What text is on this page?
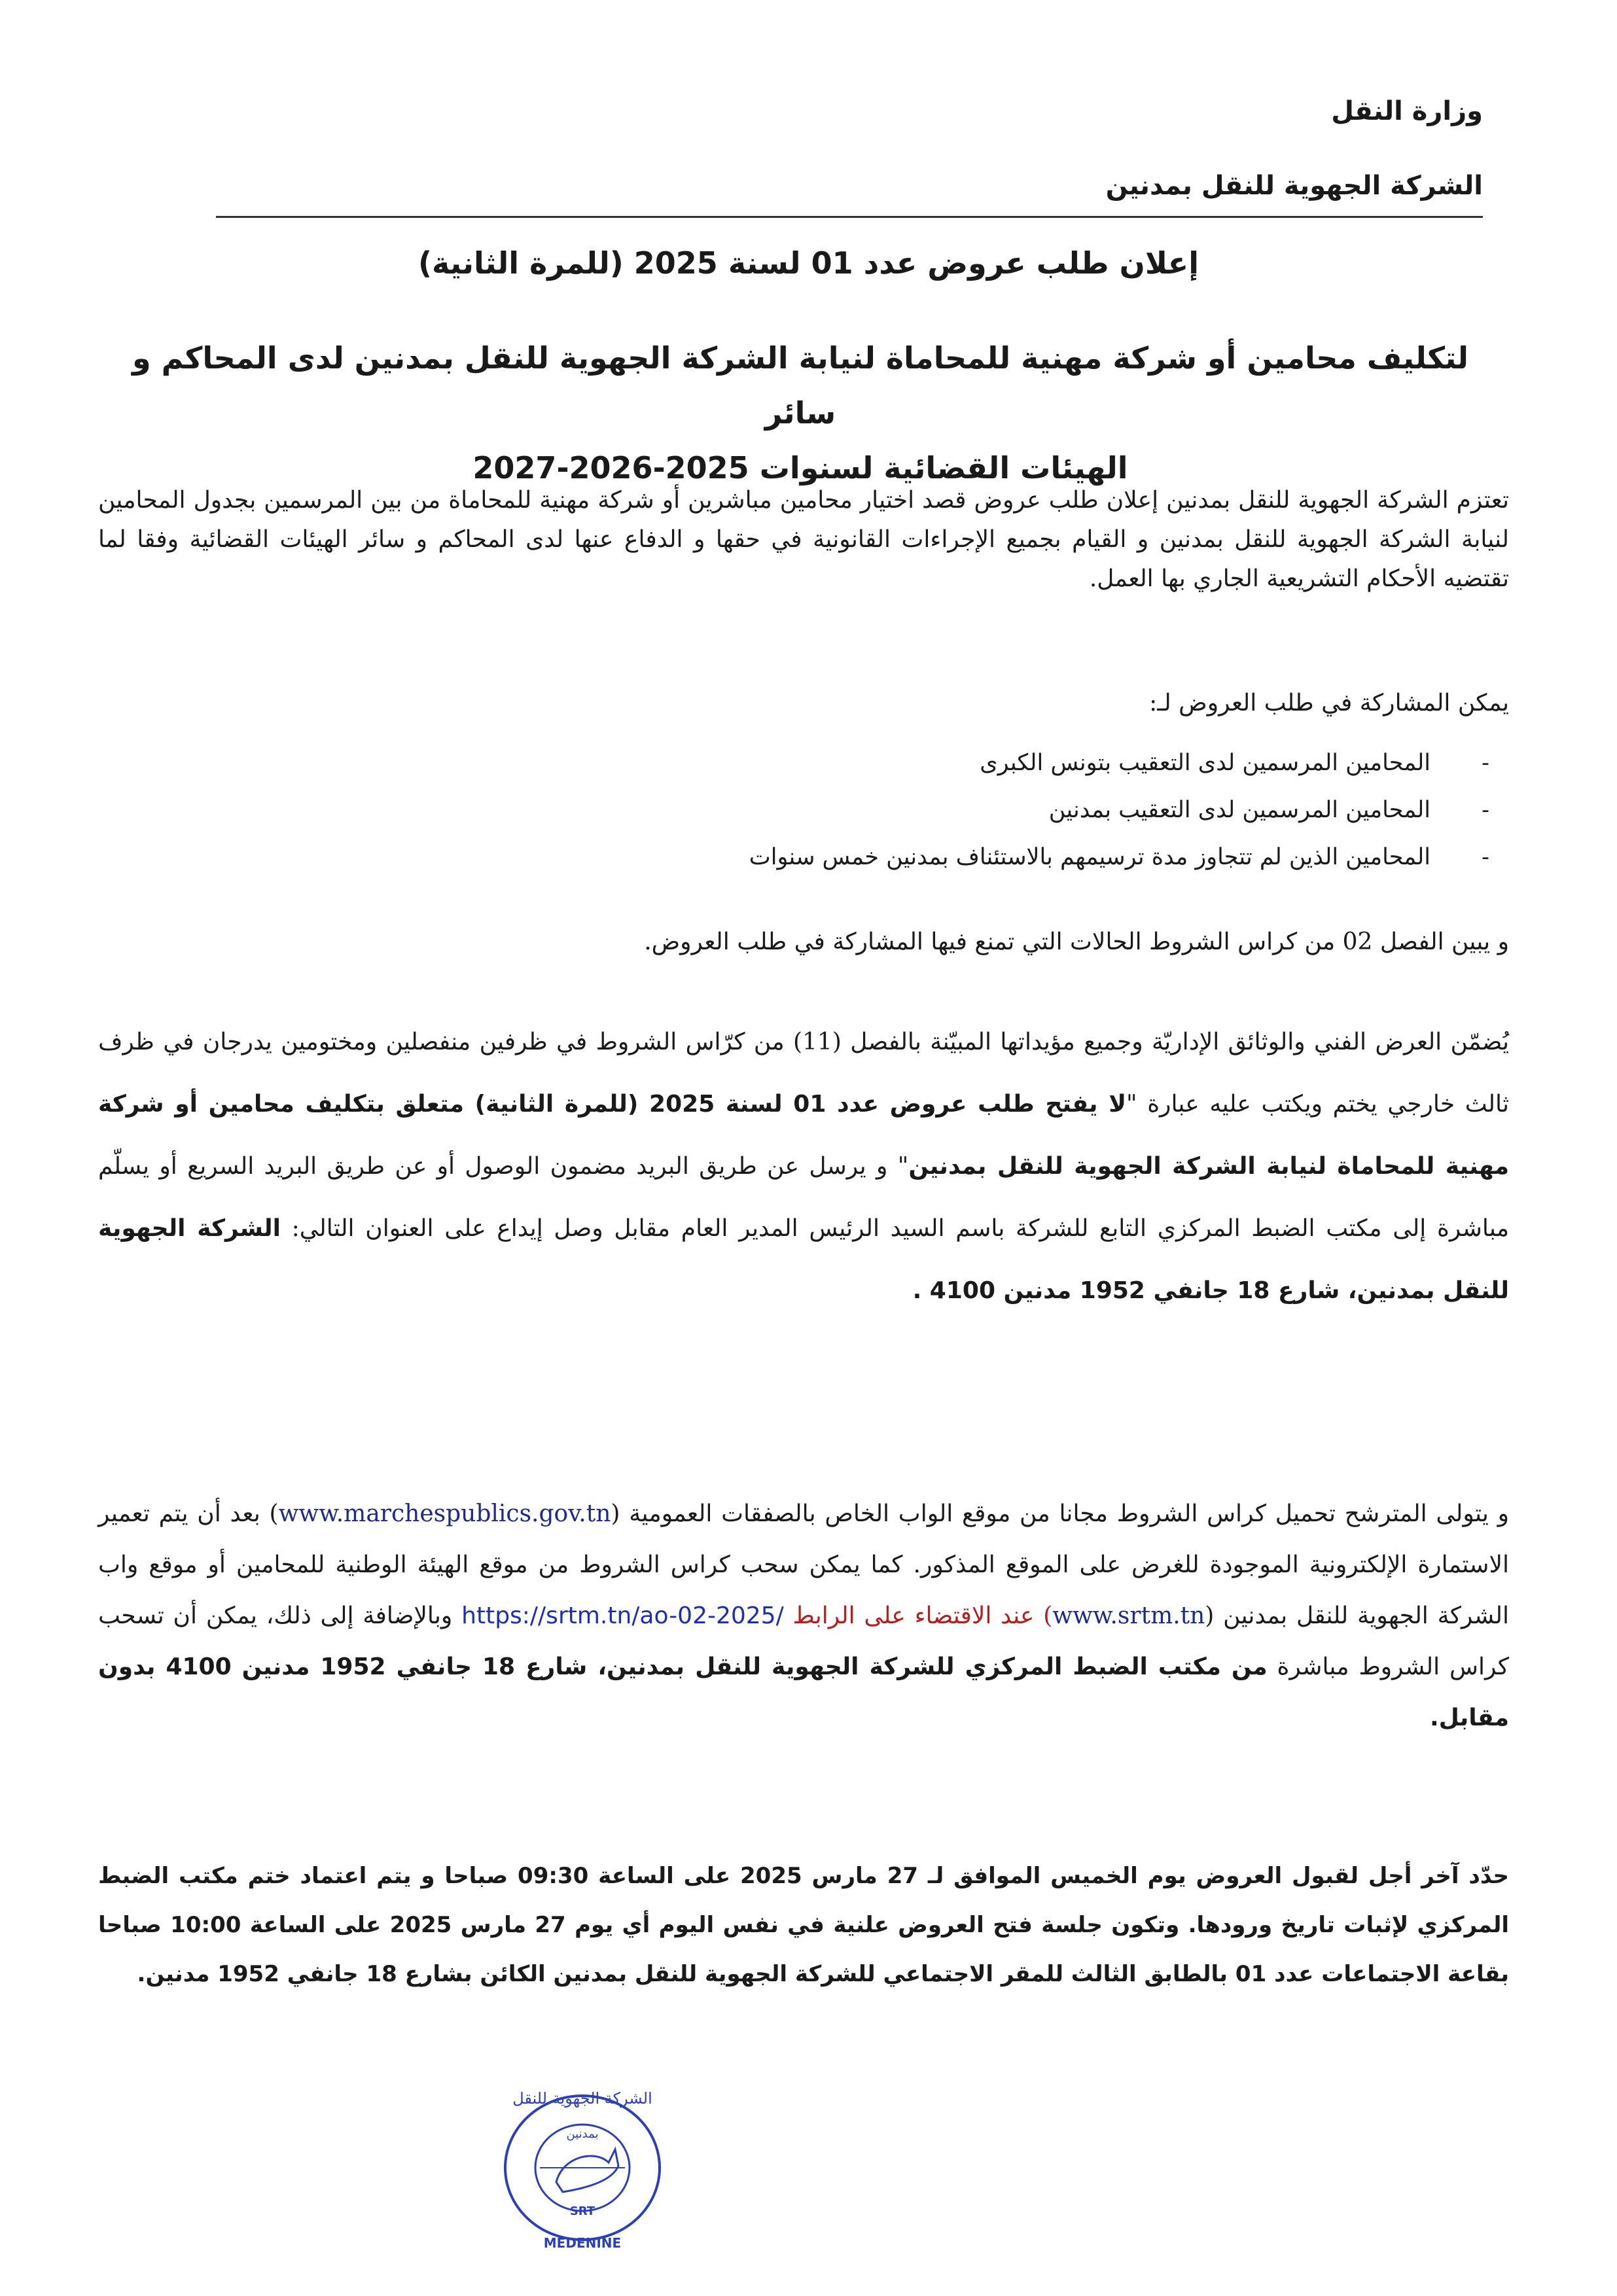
وزارة النقل
الشركة الجهوية للنقل بمدنين
إعلان طلب عروض عدد 01 لسنة 2025 (للمرة الثانية)
لتكليف محامين أو شركة مهنية للمحاماة لنيابة الشركة الجهوية للنقل بمدنين لدى المحاكم و سائر
الهيئات القضائية لسنوات 2025-2026-2027

تعتزم الشركة الجهوية للنقل بمدنين إعلان طلب عروض قصد اختيار محامين مباشرين أو شركة مهنية للمحاماة من بين المرسمين بجدول المحامين لنيابة الشركة الجهوية للنقل بمدنين و القيام بجميع الإجراءات القانونية في حقها و الدفاع عنها لدى المحاكم و سائر الهيئات القضائية وفقا لما تقتضيه الأحكام التشريعية الجاري بها العمل.

يمكن المشاركة في طلب العروض لـ:

- المحامين المرسمين لدى التعقيب بتونس الكبرى
- المحامين المرسمين لدى التعقيب بمدنين
- المحامين الذين لم تتجاوز مدة ترسيمهم بالاستئناف بمدنين خمس سنوات

و يبين الفصل 02 من كراس الشروط الحالات التي تمنع فيها المشاركة في طلب العروض.

يُضمّن العرض الفني والوثائق الإداريّة وجميع مؤيداتها المبيّنة بالفصل (11) من كرّاس الشروط في ظرفين منفصلين ومختومين يدرجان في ظرف ثالث خارجي يختم ويكتب عليه عبارة "لا يفتح طلب عروض عدد 01 لسنة 2025 (للمرة الثانية) متعلق بتكليف محامين أو شركة مهنية للمحاماة لنيابة الشركة الجهوية للنقل بمدنين" و يرسل عن طريق البريد مضمون الوصول أو عن طريق البريد السريع أو يسلّم مباشرة إلى مكتب الضبط المركزي التابع للشركة باسم السيد الرئيس المدير العام مقابل وصل إيداع على العنوان التالي: الشركة الجهوية للنقل بمدنين، شارع 18 جانفي 1952 مدنين 4100 .

و يتولى المترشح تحميل كراس الشروط مجانا من موقع الواب الخاص بالصفقات العمومية (www.marchespublics.gov.tn) بعد أن يتم تعمير الاستمارة الإلكترونية الموجودة للغرض على الموقع المذكور. كما يمكن سحب كراس الشروط من موقع الهيئة الوطنية للمحامين أو موقع واب الشركة الجهوية للنقل بمدنين (www.srtm.tn) عند الاقتضاء على الرابط https://srtm.tn/ao-02-2025/ وبالإضافة إلى ذلك، يمكن أن تسحب كراس الشروط مباشرة من مكتب الضبط المركزي للشركة الجهوية للنقل بمدنين، شارع 18 جانفي 1952 مدنين 4100 بدون مقابل.

حدّد آخر أجل لقبول العروض يوم الخميس الموافق لـ 27 مارس 2025 على الساعة 09:30 صباحا و يتم اعتماد ختم مكتب الضبط المركزي لإثبات تاريخ ورودها. وتكون جلسة فتح العروض علنية في نفس اليوم أي يوم 27 مارس 2025 على الساعة 10:00 صباحا بقاعة الاجتماعات عدد 01 بالطابق الثالث للمقر الاجتماعي للشركة الجهوية للنقل بمدنين الكائن بشارع 18 جانفي 1952 مدنين.

الشركة الجهوية للنقل
بمدنين
SRT
MEDENINE
